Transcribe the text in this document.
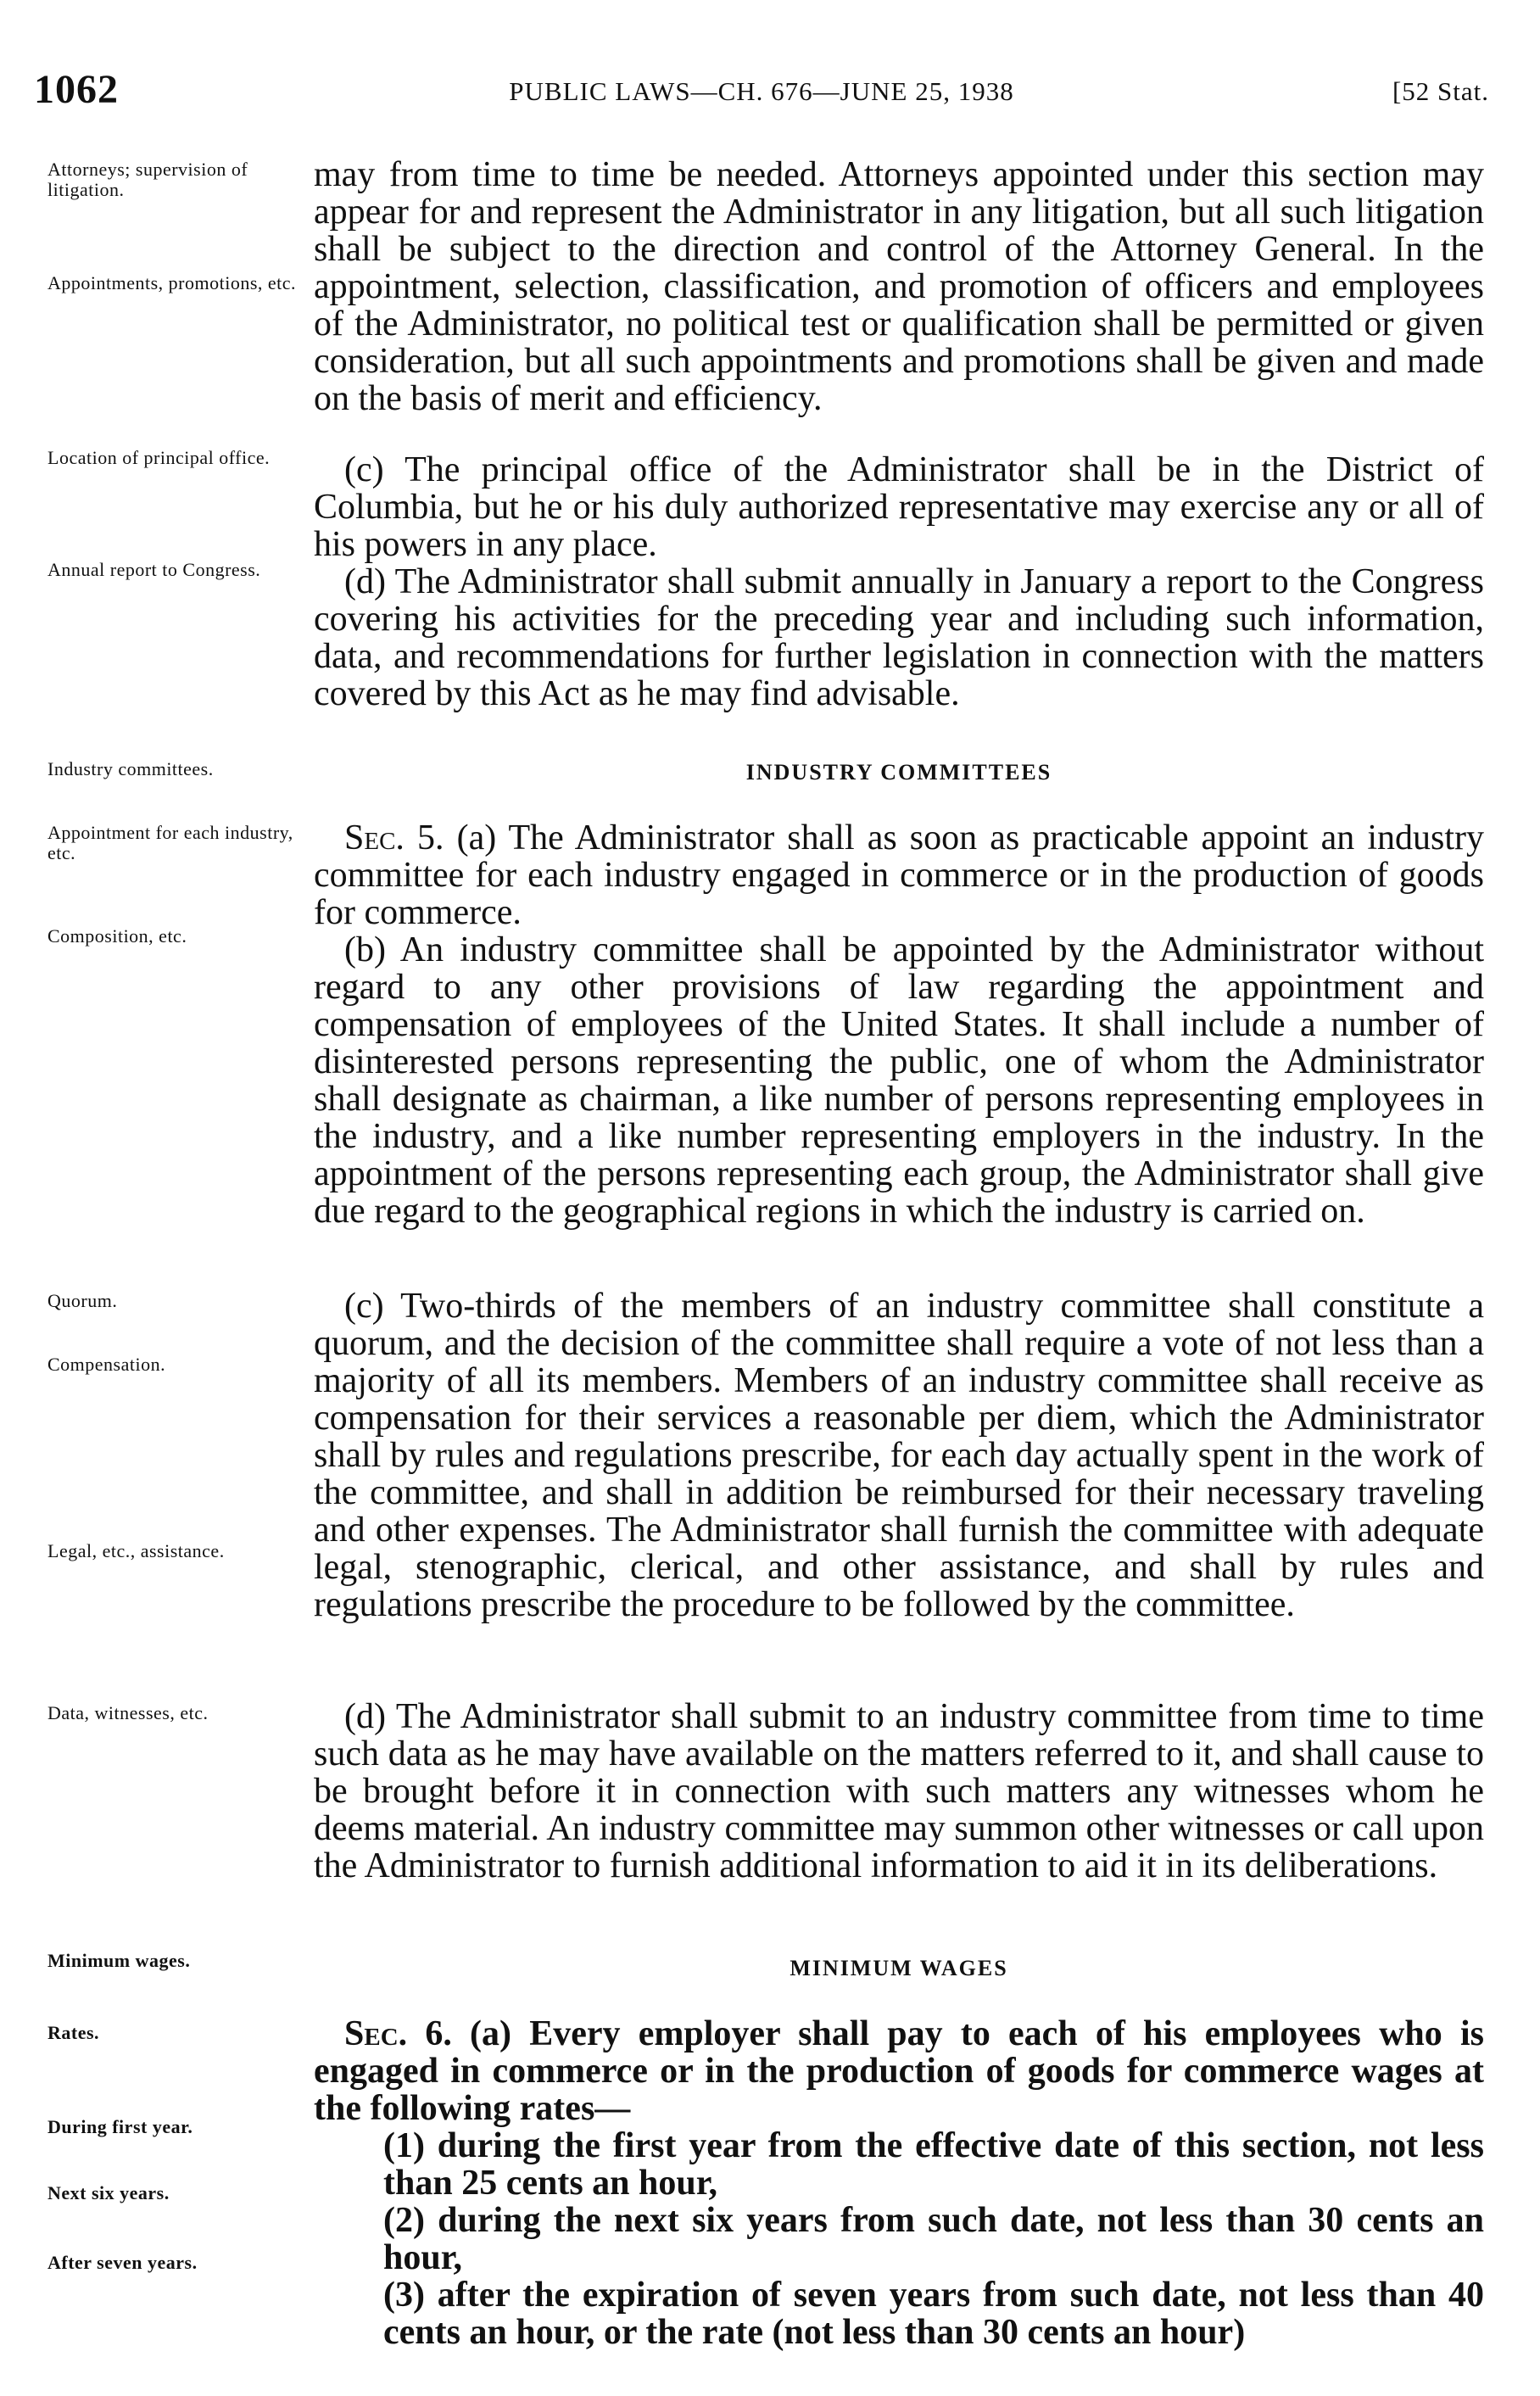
1062	PUBLIC LAWS—CH. 676—JUNE 25, 1938	[52 Stat.
Attorneys; supervision of litigation.
Appointments, promotions, etc.
Location of principal office.
Annual report to Congress.
Industry committees.
Appointment for each industry, etc.
Composition, etc.
Quorum.
Compensation.
Legal, etc., assistance.
Data, witnesses, etc.
Minimum wages.
Rates.
During first year.
Next six years.
After seven years.
may from time to time be needed. Attorneys appointed under this section may appear for and represent the Administrator in any litigation, but all such litigation shall be subject to the direction and control of the Attorney General. In the appointment, selection, classification, and promotion of officers and employees of the Administrator, no political test or qualification shall be permitted or given consideration, but all such appointments and promotions shall be given and made on the basis of merit and efficiency.
(c) The principal office of the Administrator shall be in the District of Columbia, but he or his duly authorized representative may exercise any or all of his powers in any place.
(d) The Administrator shall submit annually in January a report to the Congress covering his activities for the preceding year and including such information, data, and recommendations for further legislation in connection with the matters covered by this Act as he may find advisable.
INDUSTRY COMMITTEES
Sec. 5. (a) The Administrator shall as soon as practicable appoint an industry committee for each industry engaged in commerce or in the production of goods for commerce.
(b) An industry committee shall be appointed by the Administrator without regard to any other provisions of law regarding the appointment and compensation of employees of the United States. It shall include a number of disinterested persons representing the public, one of whom the Administrator shall designate as chairman, a like number of persons representing employees in the industry, and a like number representing employers in the industry. In the appointment of the persons representing each group, the Administrator shall give due regard to the geographical regions in which the industry is carried on.
(c) Two-thirds of the members of an industry committee shall constitute a quorum, and the decision of the committee shall require a vote of not less than a majority of all its members. Members of an industry committee shall receive as compensation for their services a reasonable per diem, which the Administrator shall by rules and regulations prescribe, for each day actually spent in the work of the committee, and shall in addition be reimbursed for their necessary traveling and other expenses. The Administrator shall furnish the committee with adequate legal, stenographic, clerical, and other assistance, and shall by rules and regulations prescribe the procedure to be followed by the committee.
(d) The Administrator shall submit to an industry committee from time to time such data as he may have available on the matters referred to it, and shall cause to be brought before it in connection with such matters any witnesses whom he deems material. An industry committee may summon other witnesses or call upon the Administrator to furnish additional information to aid it in its deliberations.
MINIMUM WAGES
Sec. 6. (a) Every employer shall pay to each of his employees who is engaged in commerce or in the production of goods for commerce wages at the following rates—
(1) during the first year from the effective date of this section, not less than 25 cents an hour,
(2) during the next six years from such date, not less than 30 cents an hour,
(3) after the expiration of seven years from such date, not less than 40 cents an hour, or the rate (not less than 30 cents an hour)
